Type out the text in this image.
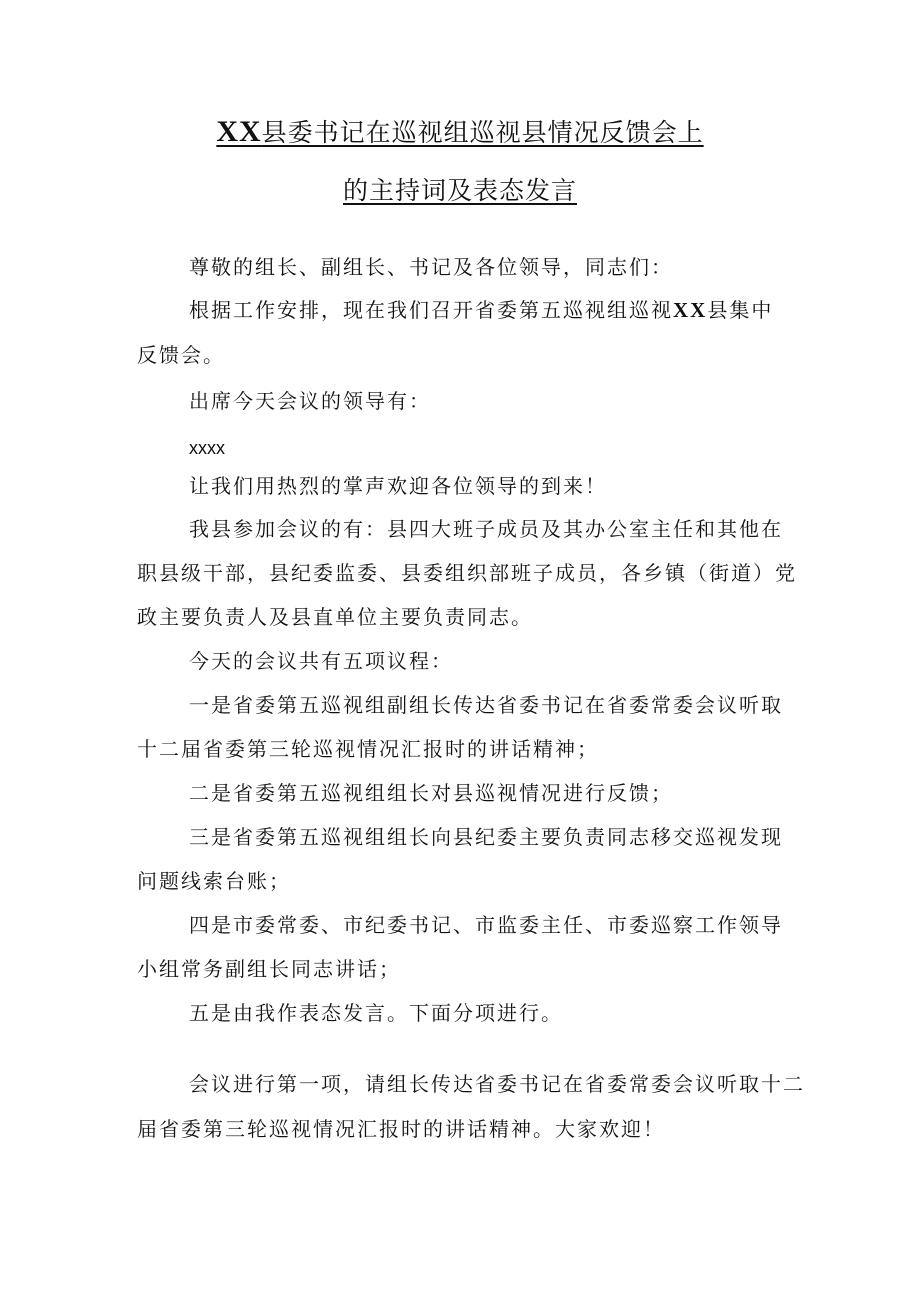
XX县委书记在巡视组巡视县情况反馈会上
的主持词及表态发言
尊敬的组长、副组长、书记及各位领导，同志们：
根据工作安排，现在我们召开省委第五巡视组巡视XX县集中
反馈会。
出席今天会议的领导有：
xxxx
让我们用热烈的掌声欢迎各位领导的到来！
我县参加会议的有：县四大班子成员及其办公室主任和其他在
职县级干部，县纪委监委、县委组织部班子成员，各乡镇（街道）党
政主要负责人及县直单位主要负责同志。
今天的会议共有五项议程：
一是省委第五巡视组副组长传达省委书记在省委常委会议听取
十二届省委第三轮巡视情况汇报时的讲话精神；
二是省委第五巡视组组长对县巡视情况进行反馈；
三是省委第五巡视组组长向县纪委主要负责同志移交巡视发现
问题线索台账；
四是市委常委、市纪委书记、市监委主任、市委巡察工作领导
小组常务副组长同志讲话；
五是由我作表态发言。下面分项进行。
会议进行第一项，请组长传达省委书记在省委常委会议听取十二
届省委第三轮巡视情况汇报时的讲话精神。大家欢迎！
